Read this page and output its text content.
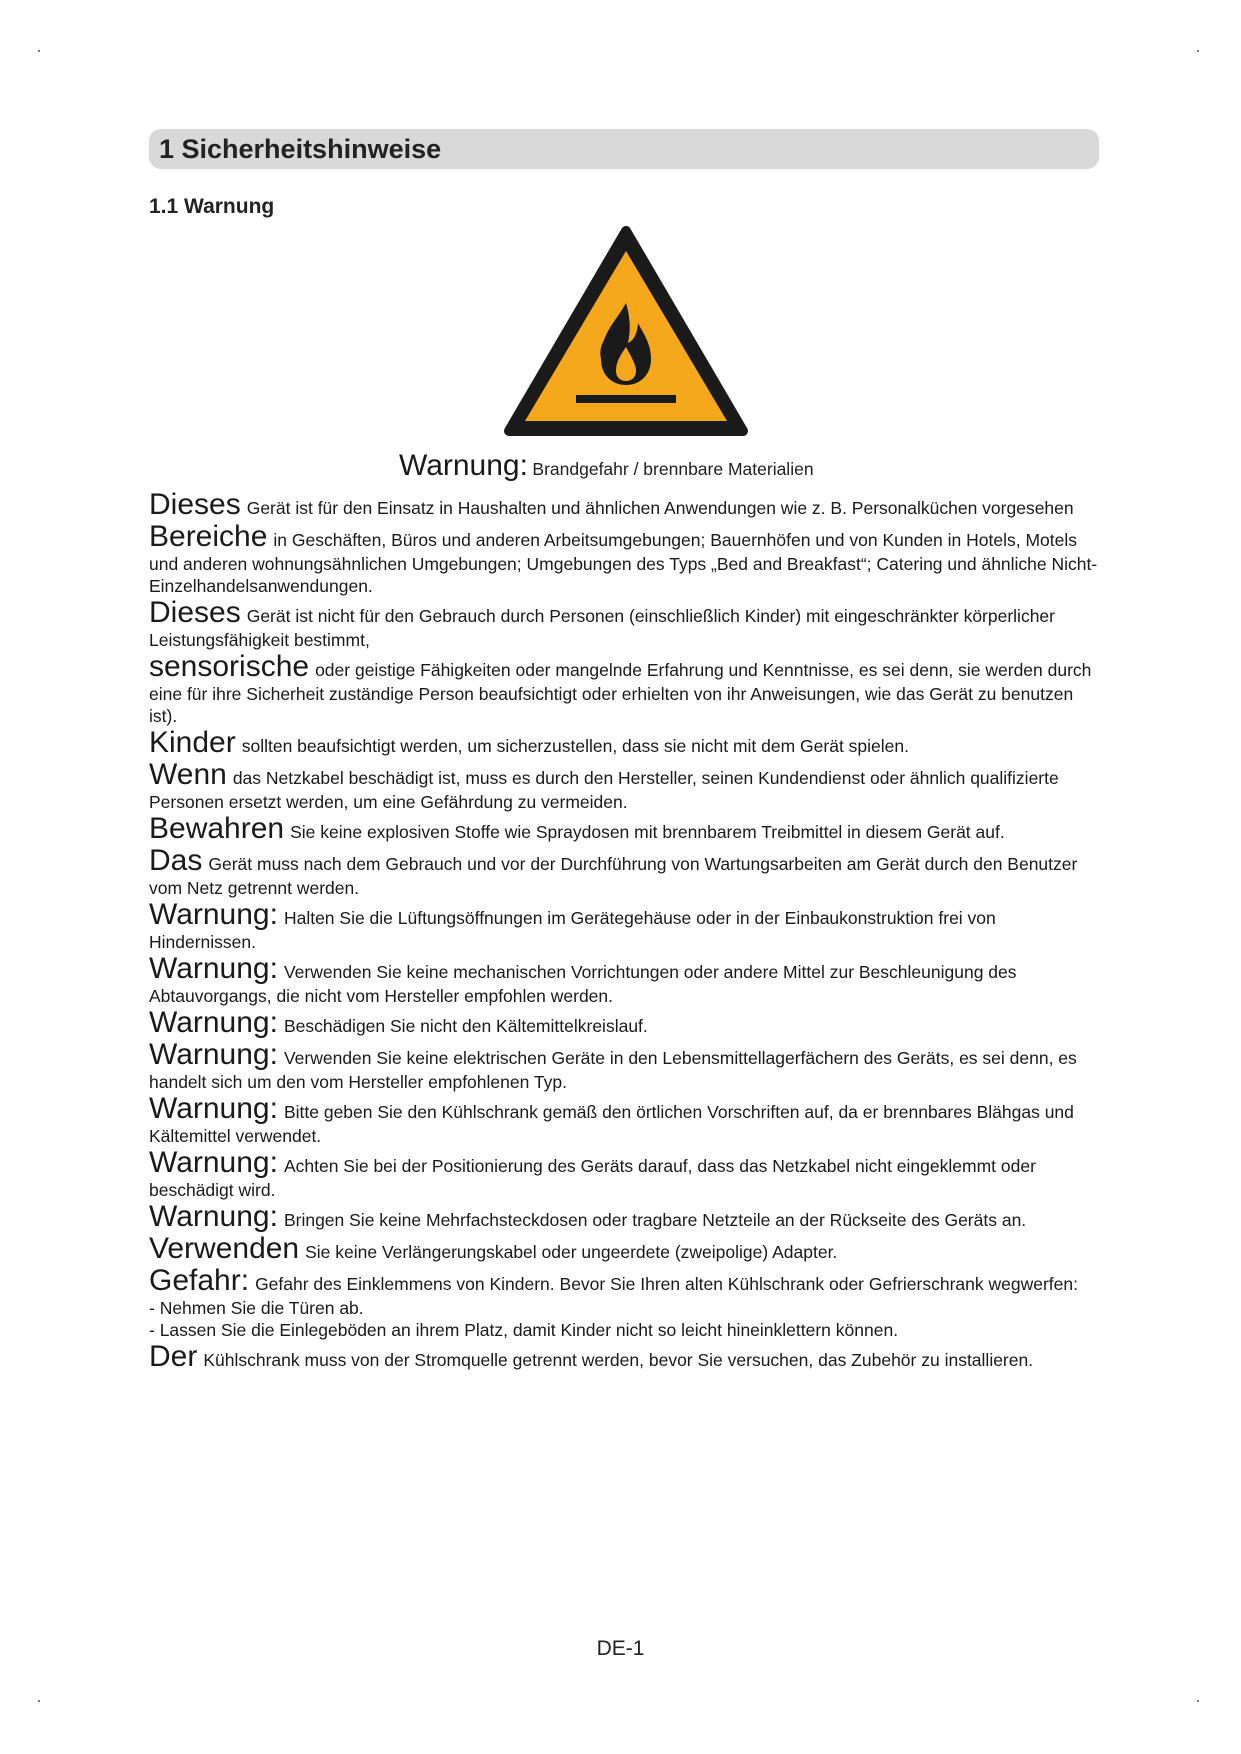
1 Sicherheitshinweise
1.1 Warnung
Warnung: Brandgefahr / brennbare Materialien

Dieses Gerät ist für den Einsatz in Haushalten und ähnlichen Anwendungen wie z. B. Personalküchen vorgesehen

Bereiche in Geschäften, Büros und anderen Arbeitsumgebungen; Bauernhöfen und von Kunden in Hotels, Motels und anderen wohnungsähnlichen Umgebungen; Umgebungen des Typs „Bed and Breakfast“; Catering und ähnliche Nicht-Einzelhandelsanwendungen.

Dieses Gerät ist nicht für den Gebrauch durch Personen (einschließlich Kinder) mit eingeschränkter körperlicher Leistungsfähigkeit bestimmt,

sensorische oder geistige Fähigkeiten oder mangelnde Erfahrung und Kenntnisse, es sei denn, sie werden durch eine für ihre Sicherheit zuständige Person beaufsichtigt oder erhielten von ihr Anweisungen, wie das Gerät zu benutzen ist).

Kinder sollten beaufsichtigt werden, um sicherzustellen, dass sie nicht mit dem Gerät spielen.

Wenn das Netzkabel beschädigt ist, muss es durch den Hersteller, seinen Kundendienst oder ähnlich qualifizierte Personen ersetzt werden, um eine Gefährdung zu vermeiden.

Bewahren Sie keine explosiven Stoffe wie Spraydosen mit brennbarem Treibmittel in diesem Gerät auf.

Das Gerät muss nach dem Gebrauch und vor der Durchführung von Wartungsarbeiten am Gerät durch den Benutzer vom Netz getrennt werden.

Warnung: Halten Sie die Lüftungsöffnungen im Gerätegehäuse oder in der Einbaukonstruktion frei von Hindernissen.

Warnung: Verwenden Sie keine mechanischen Vorrichtungen oder andere Mittel zur Beschleunigung des Abtauvorgangs, die nicht vom Hersteller empfohlen werden.

Warnung: Beschädigen Sie nicht den Kältemittelkreislauf.

Warnung: Verwenden Sie keine elektrischen Geräte in den Lebensmittellagerfächern des Geräts, es sei denn, es handelt sich um den vom Hersteller empfohlenen Typ.

Warnung: Bitte geben Sie den Kühlschrank gemäß den örtlichen Vorschriften auf, da er brennbares Blähgas und Kältemittel verwendet.

Warnung: Achten Sie bei der Positionierung des Geräts darauf, dass das Netzkabel nicht eingeklemmt oder beschädigt wird.

Warnung: Bringen Sie keine Mehrfachsteckdosen oder tragbare Netzteile an der Rückseite des Geräts an.

Verwenden Sie keine Verlängerungskabel oder ungeerdete (zweipolige) Adapter.

Gefahr: Gefahr des Einklemmens von Kindern. Bevor Sie Ihren alten Kühlschrank oder Gefrierschrank wegwerfen:

- Nehmen Sie die Türen ab.
- Lassen Sie die Einlegeböden an ihrem Platz, damit Kinder nicht so leicht hineinklettern können.

Der Kühlschrank muss von der Stromquelle getrennt werden, bevor Sie versuchen, das Zubehör zu installieren.

DE-1
